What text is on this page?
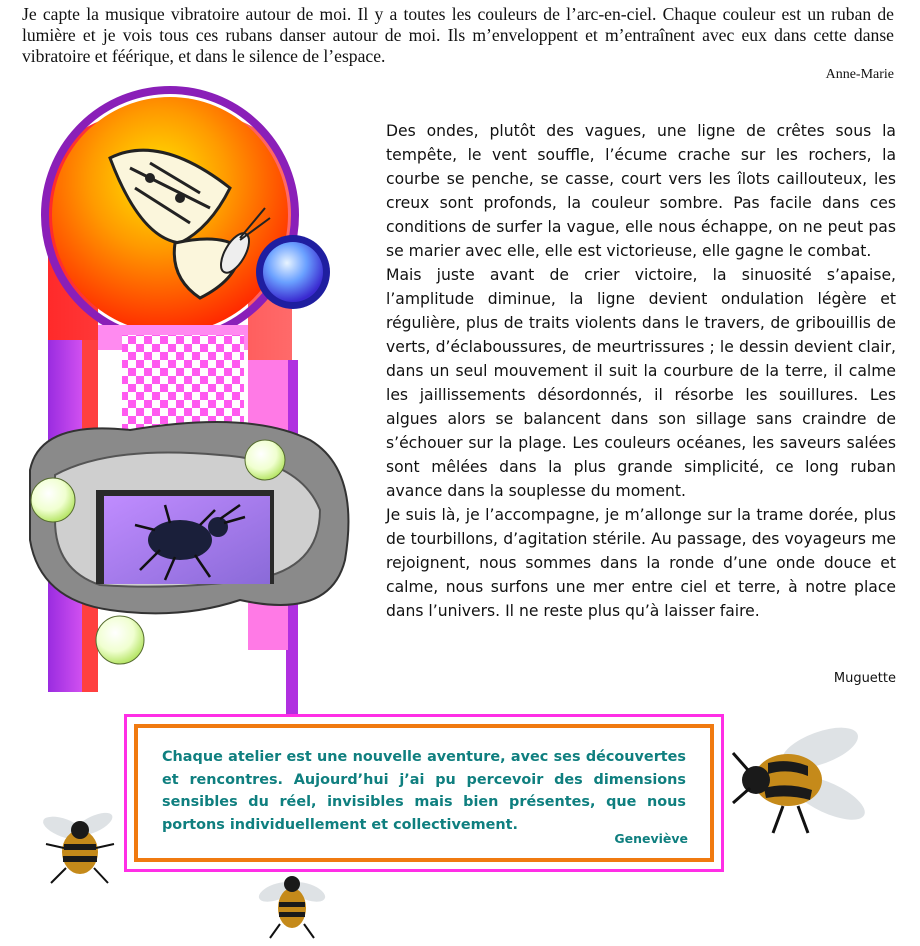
Je capte la musique vibratoire autour de moi. Il y a toutes les couleurs de l’arc-en-ciel. Chaque couleur est un ruban de lumière et je vois tous ces rubans danser autour de moi. Ils m’enveloppent et m’entraînent avec eux dans cette danse vibratoire et féérique, et dans le silence de l’espace.
Anne-Marie

Des ondes, plutôt des vagues, une ligne de crêtes sous la tempête, le vent souffle, l’écume crache sur les rochers, la courbe se penche, se casse, court vers les îlots caillouteux, les creux sont profonds, la couleur sombre. Pas facile dans ces conditions de surfer la vague, elle nous échappe, on ne peut pas se marier avec elle, elle est victorieuse, elle gagne le combat.

Mais juste avant de crier victoire, la sinuosité s’apaise, l’amplitude diminue, la ligne devient ondulation légère et régulière, plus de traits violents dans le travers, de gribouillis de verts, d’éclaboussures, de meurtrissures ; le dessin devient clair, dans un seul mouvement il suit la courbure de la terre, il calme les jaillissements désordonnés, il résorbe les souillures. Les algues alors se balancent dans son sillage sans craindre de s’échouer sur la plage. Les couleurs océanes, les saveurs salées sont mêlées dans la plus grande simplicité, ce long ruban avance dans la souplesse du moment.

Je suis là, je l’accompagne, je m’allonge sur la trame dorée, plus de tourbillons, d’agitation stérile. Au passage, des voyageurs me rejoignent, nous sommes dans la ronde d’une onde douce et calme, nous surfons une mer entre ciel et terre, à notre place dans l’univers. Il ne reste plus qu’à laisser faire.

Muguette

Chaque atelier est une nouvelle aventure, avec ses découvertes et rencontres. Aujourd’hui j’ai pu percevoir des dimensions sensibles du réel, invisibles mais bien présentes, que nous portons individuellement et collectivement.

Geneviève
